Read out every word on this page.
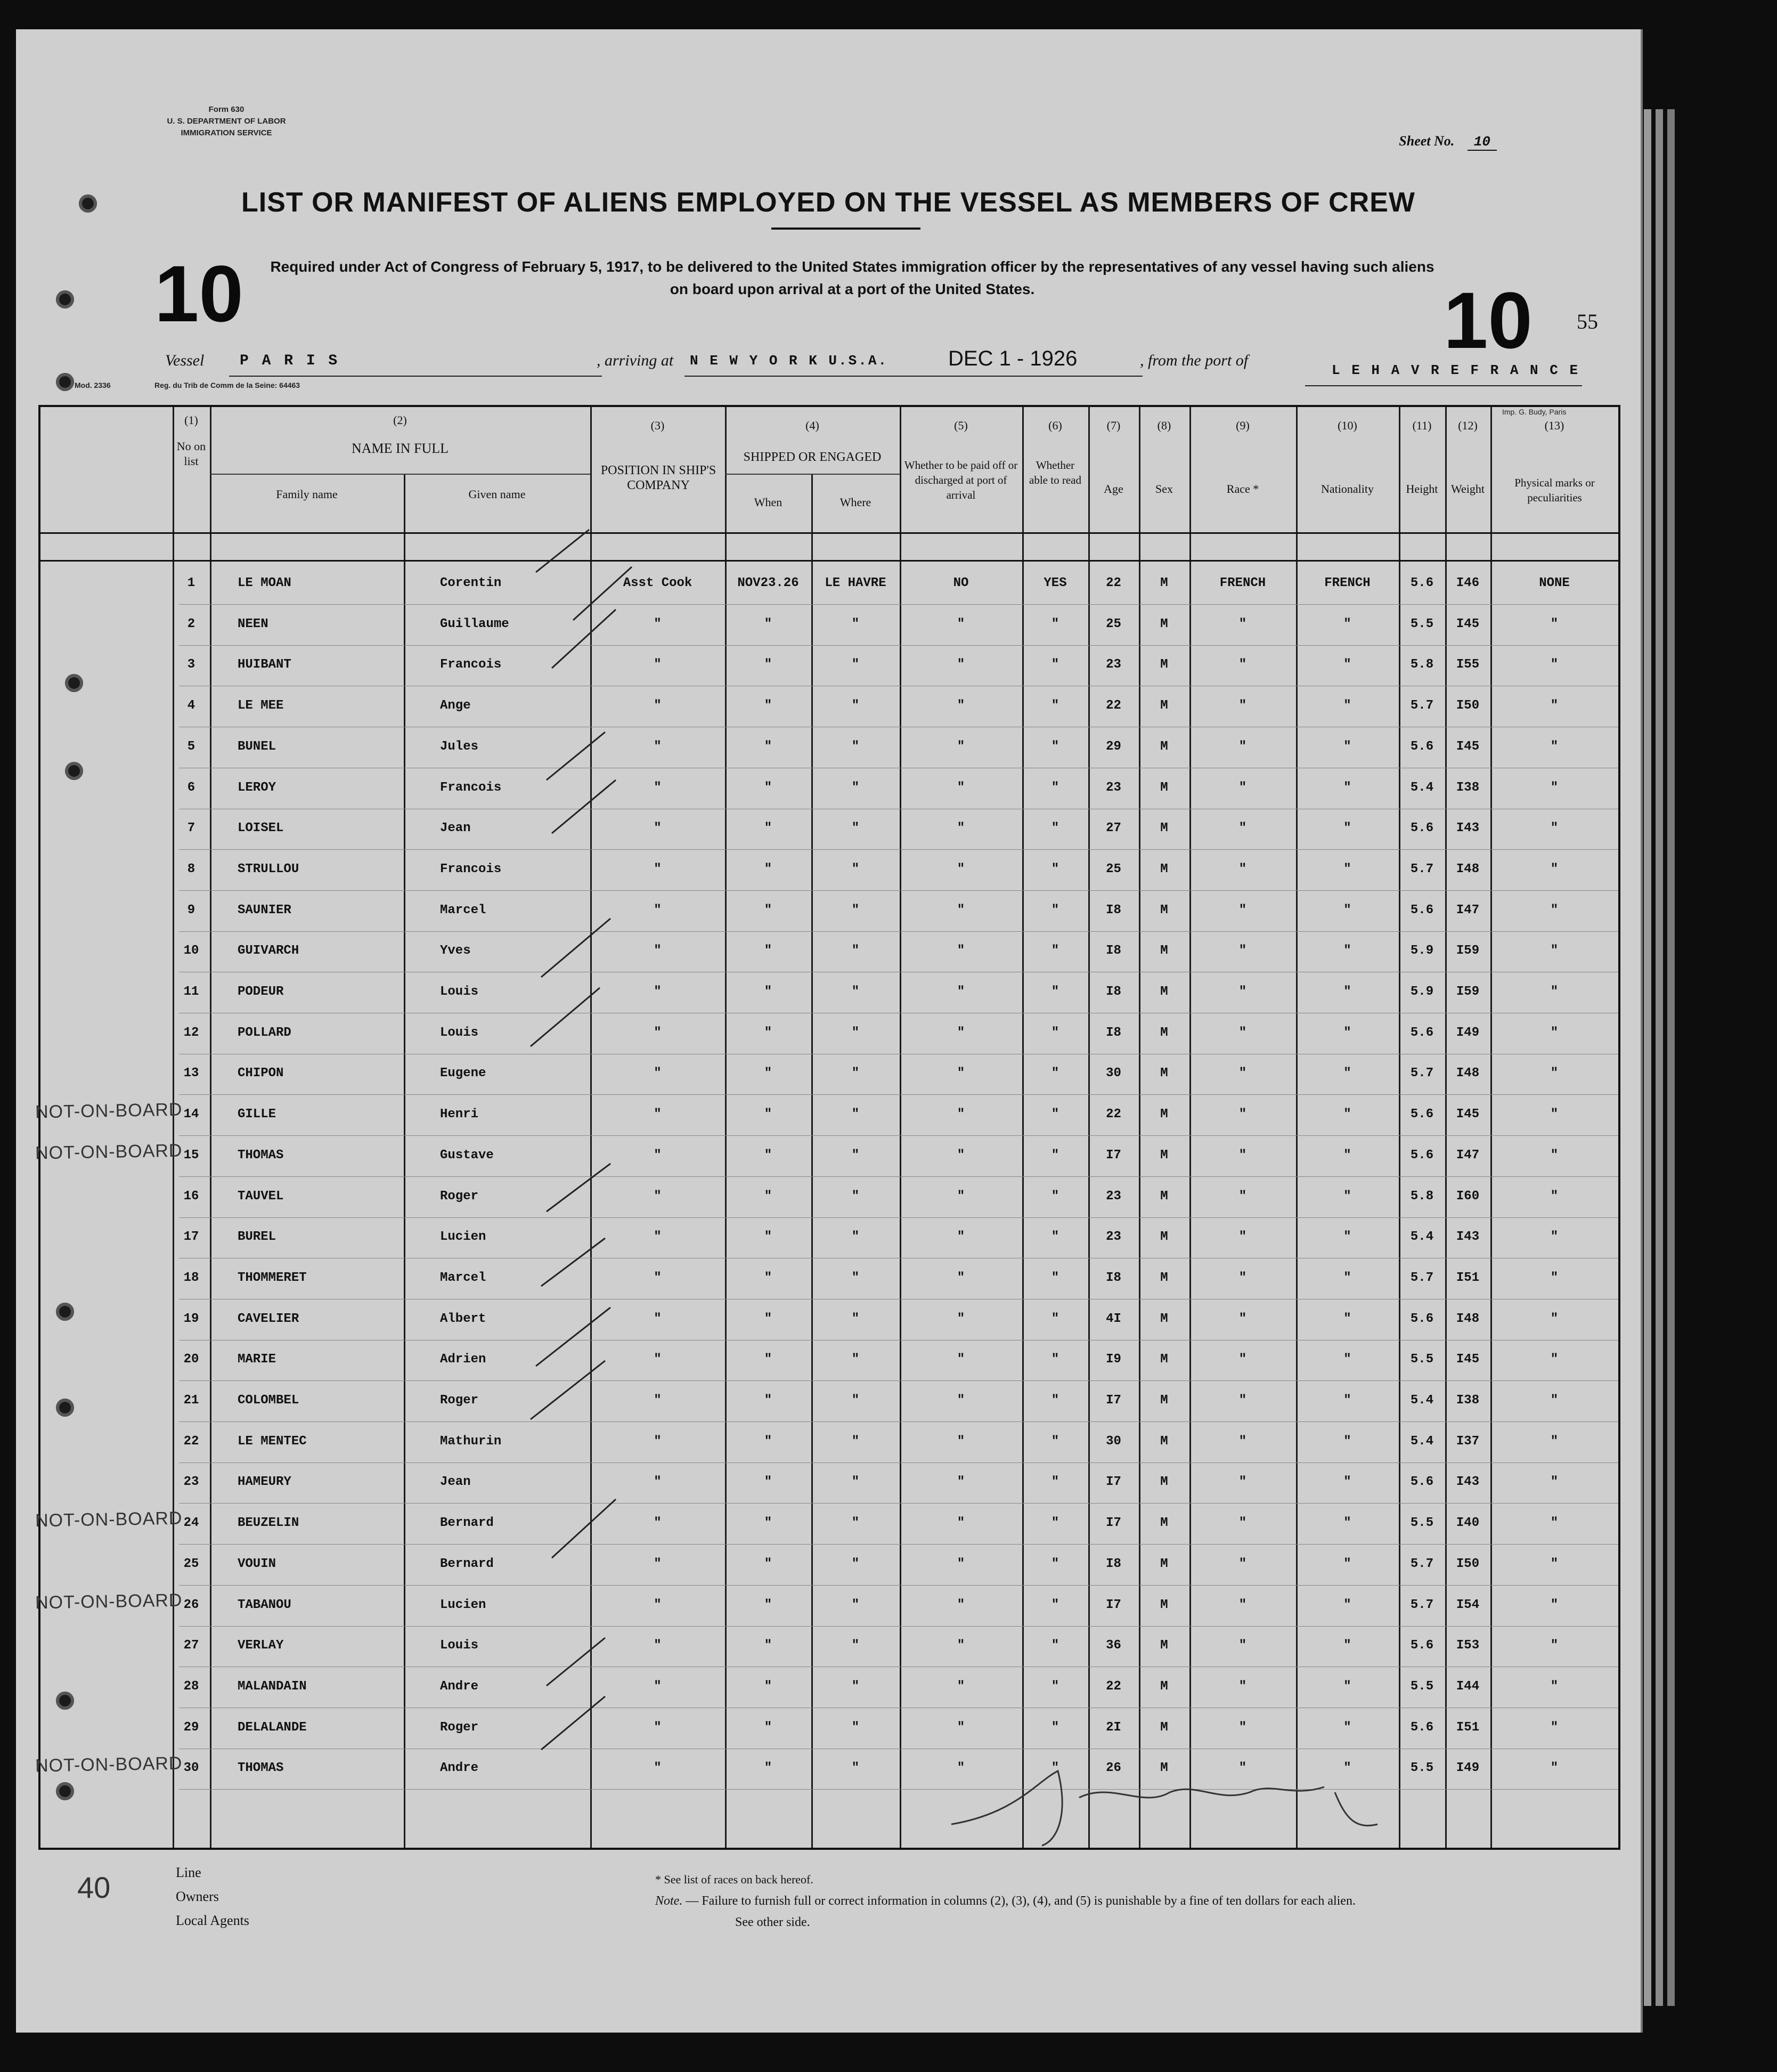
Form 630
U. S. DEPARTMENT OF LABOR
IMMIGRATION SERVICE
Sheet No. 10
LIST OR MANIFEST OF ALIENS EMPLOYED ON THE VESSEL AS MEMBERS OF CREW
Required under Act of Congress of February 5, 1917, to be delivered to the United States immigration officer by the representatives of any vessel having such aliens
on board upon arrival at a port of the United States.
10	10 55
Vessel P A R I S	, arriving at N E W Y O R K U.S.A.	DEC 1 - 1926	, from the port of
L E H A V R E F R A N C E
Mod. 2336	Reg. du Trib de Comm de la Seine: 64463
Imp. G. Budy, Paris
(1)
No on list
(2)
NAME IN FULL
Family name	Given name
(3)
POSITION IN SHIP'S COMPANY
(4)
SHIPPED OR ENGAGED
When	Where
(5)
Whether to be paid off or discharged at port of arrival
(6)
Whether able to read
(7)
Age
(8)
Sex
(9)
Race *
(10)
Nationality
(11)
Height
(12)
Weight
(13)
Physical marks or peculiarities
1	LE MOAN	Corentin	Asst Cook	NOV23.26	LE HAVRE	NO	YES	22	M	FRENCH	FRENCH	5.6	I46	NONE
2	NEEN	Guillaume	"	"	"	"	"	25	M	"	"	5.5	I45	"
3	HUIBANT	Francois	"	"	"	"	"	23	M	"	"	5.8	I55	"
4	LE MEE	Ange	"	"	"	"	"	22	M	"	"	5.7	I50	"
5	BUNEL	Jules	"	"	"	"	"	29	M	"	"	5.6	I45	"
6	LEROY	Francois	"	"	"	"	"	23	M	"	"	5.4	I38	"
7	LOISEL	Jean	"	"	"	"	"	27	M	"	"	5.6	I43	"
8	STRULLOU	Francois	"	"	"	"	"	25	M	"	"	5.7	I48	"
9	SAUNIER	Marcel	"	"	"	"	"	I8	M	"	"	5.6	I47	"
10	GUIVARCH	Yves	"	"	"	"	"	I8	M	"	"	5.9	I59	"
11	PODEUR	Louis	"	"	"	"	"	I8	M	"	"	5.9	I59	"
12	POLLARD	Louis	"	"	"	"	"	I8	M	"	"	5.6	I49	"
13	CHIPON	Eugene	"	"	"	"	"	30	M	"	"	5.7	I48	"
14	GILLE	Henri	"	"	"	"	"	22	M	"	"	5.6	I45	"
NOT-ON-BOARD
15	THOMAS	Gustave	"	"	"	"	"	I7	M	"	"	5.6	I47	"
NOT-ON-BOARD
16	TAUVEL	Roger	"	"	"	"	"	23	M	"	"	5.8	I60	"
17	BUREL	Lucien	"	"	"	"	"	23	M	"	"	5.4	I43	"
18	THOMMERET	Marcel	"	"	"	"	"	I8	M	"	"	5.7	I51	"
19	CAVELIER	Albert	"	"	"	"	"	4I	M	"	"	5.6	I48	"
20	MARIE	Adrien	"	"	"	"	"	I9	M	"	"	5.5	I45	"
21	COLOMBEL	Roger	"	"	"	"	"	I7	M	"	"	5.4	I38	"
22	LE MENTEC	Mathurin	"	"	"	"	"	30	M	"	"	5.4	I37	"
23	HAMEURY	Jean	"	"	"	"	"	I7	M	"	"	5.6	I43	"
24	BEUZELIN	Bernard	"	"	"	"	"	I7	M	"	"	5.5	I40	"
NOT-ON-BOARD
25	VOUIN	Bernard	"	"	"	"	"	I8	M	"	"	5.7	I50	"
26	TABANOU	Lucien	"	"	"	"	"	I7	M	"	"	5.7	I54	"
NOT-ON-BOARD
27	VERLAY	Louis	"	"	"	"	"	36	M	"	"	5.6	I53	"
28	MALANDAIN	Andre	"	"	"	"	"	22	M	"	"	5.5	I44	"
29	DELALANDE	Roger	"	"	"	"	"	2I	M	"	"	5.6	I51	"
30	THOMAS	Andre	"	"	"	"	"	26	M	"	"	5.5	I49	"
NOT-ON-BOARD
Line
Owners
Local Agents
40	* See list of races on back hereof.
Note. — Failure to furnish full or correct information in columns (2), (3), (4), and (5) is punishable by a fine of ten dollars for each alien.
See other side.
